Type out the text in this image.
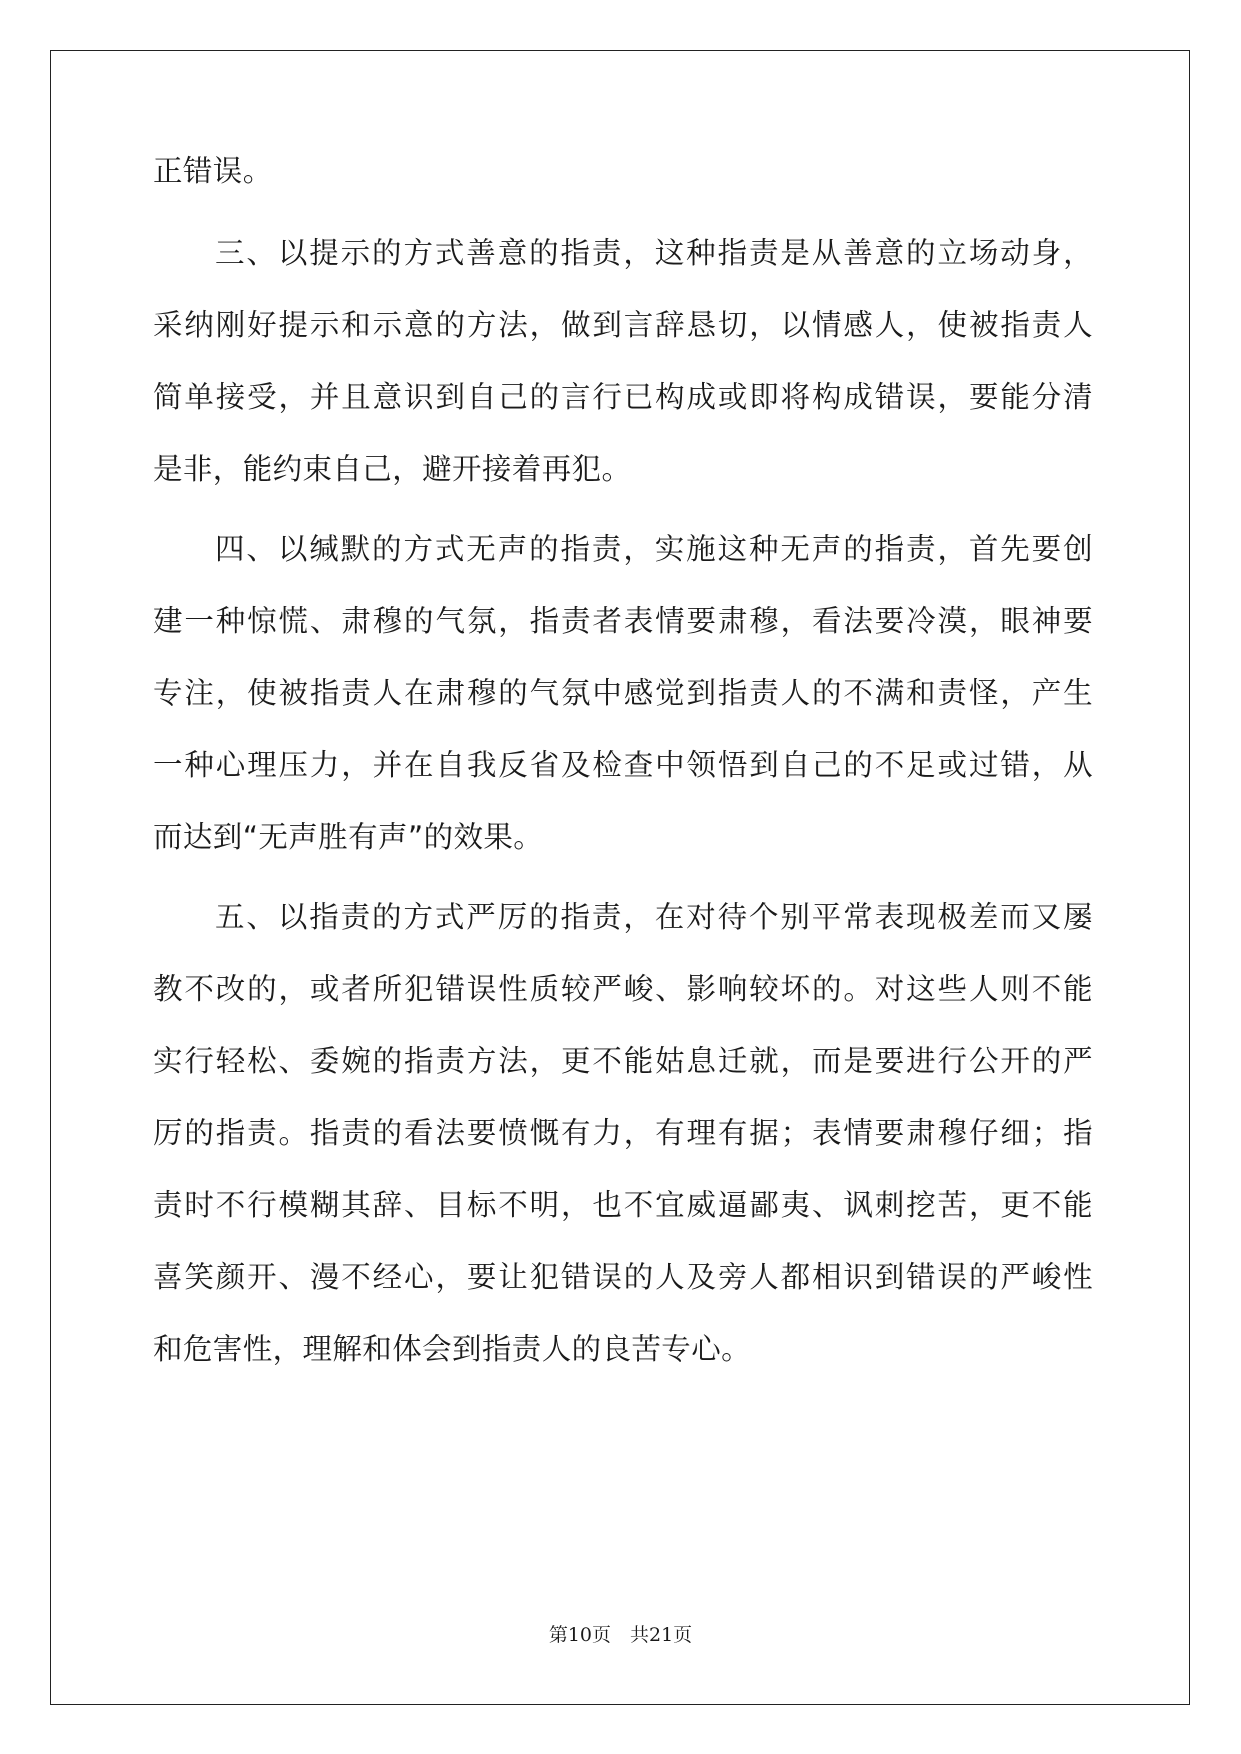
正错误。
三、以提示的方式善意的指责，这种指责是从善意的立场动身，
采纳刚好提示和示意的方法，做到言辞恳切，以情感人，使被指责人
简单接受，并且意识到自己的言行已构成或即将构成错误，要能分清
是非，能约束自己，避开接着再犯。
四、以缄默的方式无声的指责，实施这种无声的指责，首先要创
建一种惊慌、肃穆的气氛，指责者表情要肃穆，看法要冷漠，眼神要
专注，使被指责人在肃穆的气氛中感觉到指责人的不满和责怪，产生
一种心理压力，并在自我反省及检查中领悟到自己的不足或过错，从
而达到“无声胜有声”的效果。
五、以指责的方式严厉的指责，在对待个别平常表现极差而又屡
教不改的，或者所犯错误性质较严峻、影响较坏的。对这些人则不能
实行轻松、委婉的指责方法，更不能姑息迁就，而是要进行公开的严
厉的指责。指责的看法要愤慨有力，有理有据；表情要肃穆仔细；指
责时不行模糊其辞、目标不明，也不宜威逼鄙夷、讽刺挖苦，更不能
喜笑颜开、漫不经心，要让犯错误的人及旁人都相识到错误的严峻性
和危害性，理解和体会到指责人的良苦专心。
第10页　共21页
